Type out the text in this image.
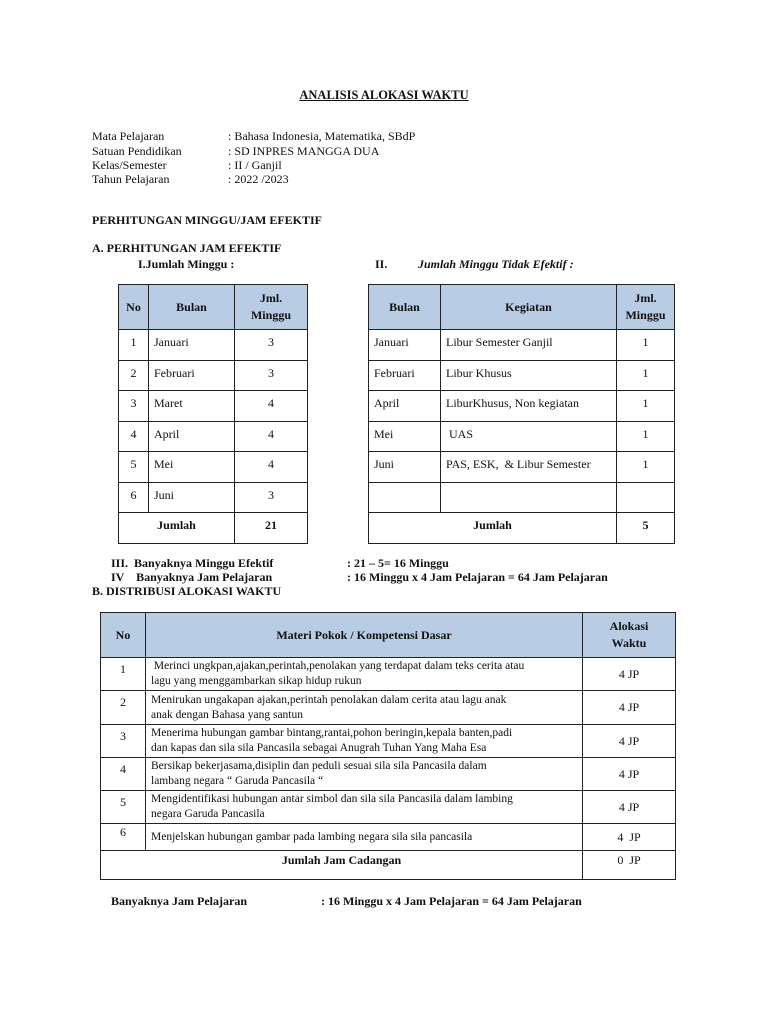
ANALISIS ALOKASI WAKTU
Mata Pelajaran	: Bahasa Indonesia, Matematika, SBdP
Satuan Pendidikan	: SD INPRES MANGGA DUA
Kelas/Semester	: II / Ganjil
Tahun Pelajaran	: 2022 /2023
PERHITUNGAN MINGGU/JAM EFEKTIF
A. PERHITUNGAN JAM EFEKTIF
I.Jumlah Minggu :	II.	Jumlah Minggu Tidak Efektif :
No	Bulan	Jml.
Minggu
1	Januari	3
2	Februari	3
3	Maret	4
4	April	4
5	Mei	4
6	Juni	3
Jumlah		21
Bulan	Kegiatan	Jml.
Minggu
Januari	Libur Semester Ganjil	1
Februari	Libur Khusus	1
April	LiburKhusus, Non kegiatan	1
Mei	UAS	1
Juni	PAS, ESK,  & Libur Semester	1

Jumlah		5
III.  Banyaknya Minggu Efektif	: 21 – 5= 16 Minggu
IV    Banyaknya Jam Pelajaran	: 16 Minggu x 4 Jam Pelajaran = 64 Jam Pelajaran
B. DISTRIBUSI ALOKASI WAKTU
No	Materi Pokok / Kompetensi Dasar	Alokasi
Waktu
1	Merinci ungkpan,ajakan,perintah,penolakan yang terdapat dalam teks cerita atau
lagu yang menggambarkan sikap hidup rukun	4 JP
2	Menirukan ungakapan ajakan,perintah penolakan dalam cerita atau lagu anak
anak dengan Bahasa yang santun	4 JP
3	Menerima hubungan gambar bintang,rantai,pohon beringin,kepala banten,padi
dan kapas dan sila sila Pancasila sebagai Anugrah Tuhan Yang Maha Esa	4 JP
4	Bersikap bekerjasama,disiplin dan peduli sesuai sila sila Pancasila dalam
lambang negara “ Garuda Pancasila “	4 JP
5	Mengidentifikasi hubungan antar simbol dan sila sila Pancasila dalam lambing
negara Garuda Pancasila	4 JP
6	Menjelskan hubungan gambar pada lambing negara sila sila pancasila	4  JP
Jumlah Jam Cadangan		0  JP
Banyaknya Jam Pelajaran	: 16 Minggu x 4 Jam Pelajaran = 64 Jam Pelajaran
